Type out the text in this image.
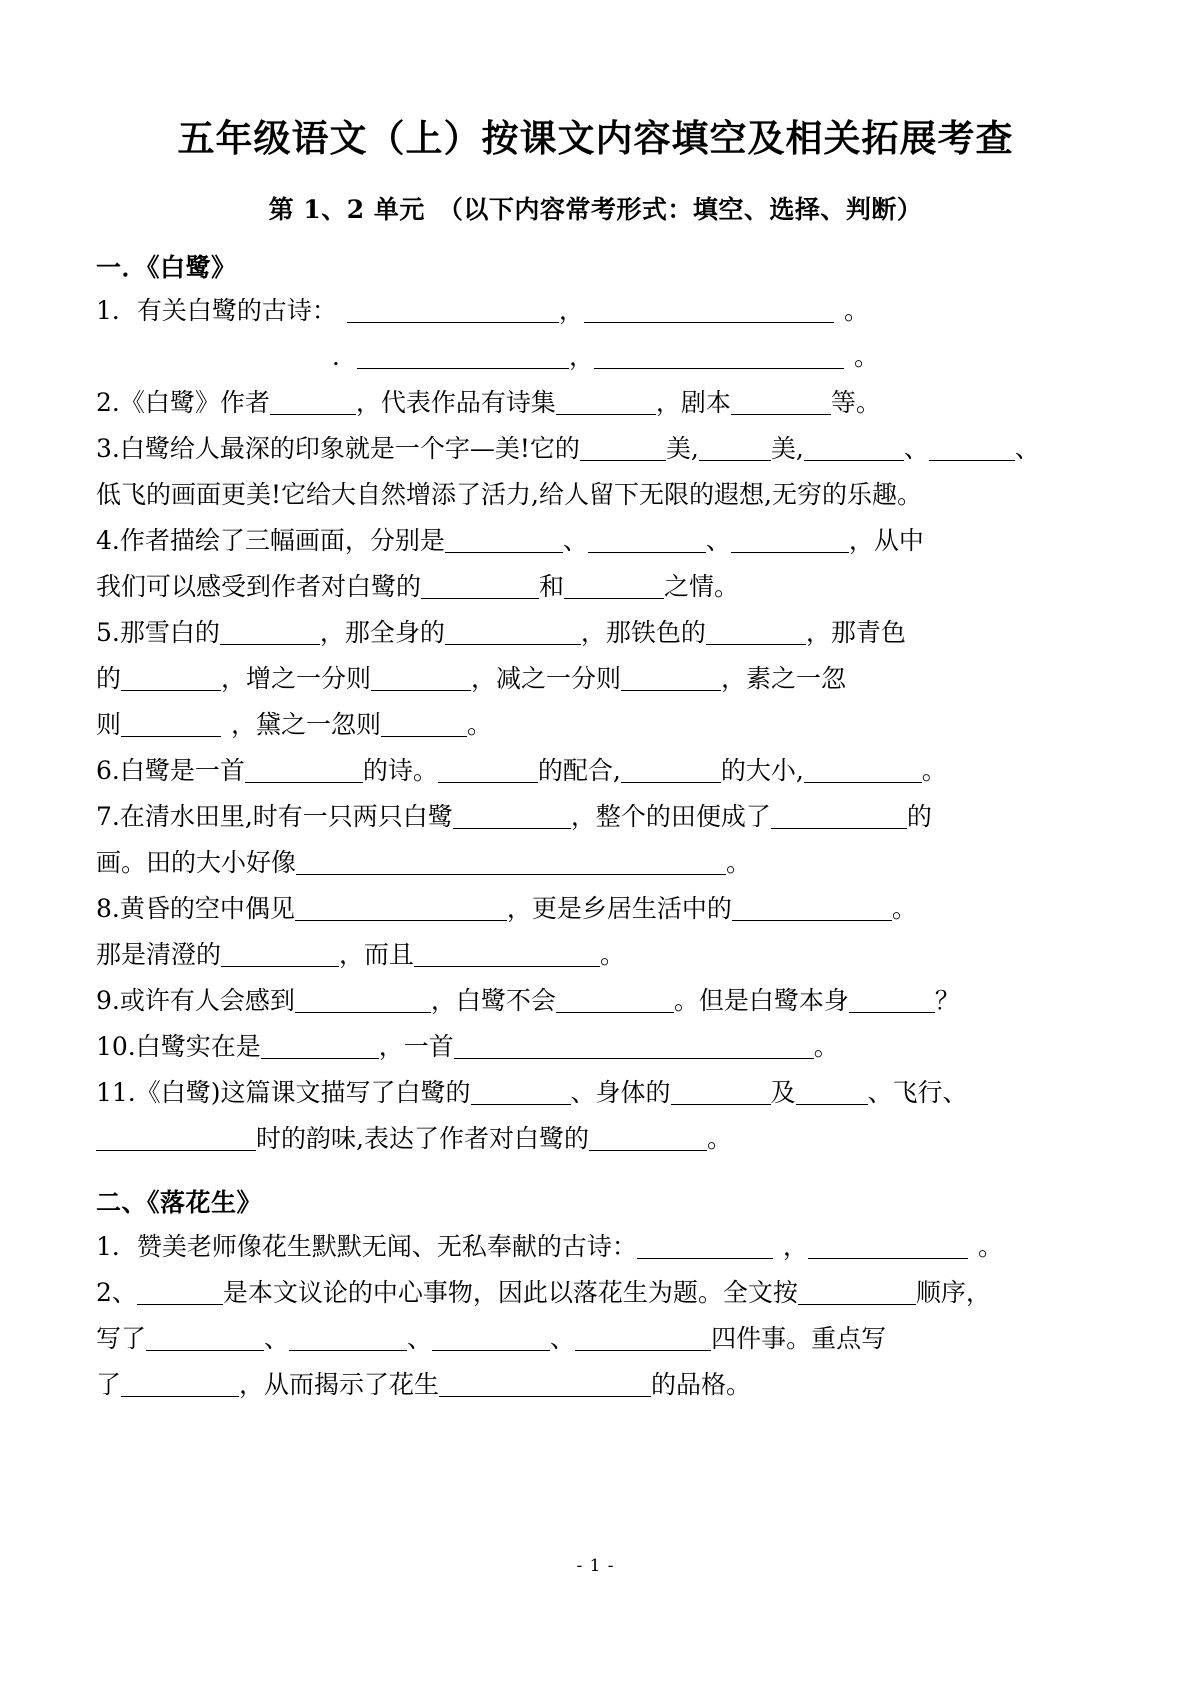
五年级语文（上）按课文内容填空及相关拓展考查
第 1、2 单元　（以下内容常考形式：填空、选择、判断）
一．《白鹭》
1．有关白鹭的古诗：	，	。
．	，	。
2.《白鹭》作者	，代表作品有诗集	，剧本	等。
3.白鹭给人最深的印象就是一个字—美!它的	美,	美,	、	、
低飞的画面更美!它给大自然增添了活力,给人留下无限的遐想,无穷的乐趣。
4.作者描绘了三幅画面，分别是	、	、	，从中
我们可以感受到作者对白鹭的	和	之情。
5.那雪白的	，那全身的	，那铁色的	，那青色
的	，增之一分则	，减之一分则	，素之一忽
则	，黛之一忽则	。
6.白鹭是一首	的诗。	的配合,	的大小,	。
7.在清水田里,时有一只两只白鹭	，整个的田便成了	的
画。田的大小好像	。
8.黄昏的空中偶见	，更是乡居生活中的	。
那是清澄的	，而且	。
9.或许有人会感到	，白鹭不会	。但是白鹭本身	？
10.白鹭实在是	，一首	。
11.《白鹭)这篇课文描写了白鹭的	、身体的	及	、飞行、
时的韵味,表达了作者对白鹭的	。
二、《落花生》
1．赞美老师像花生默默无闻、无私奉献的古诗：	，	。
2、	是本文议论的中心事物，因此以落花生为题。全文按	顺序，
写了	、	、	、	四件事。重点写
了	，从而揭示了花生	的品格。
- 1 -
